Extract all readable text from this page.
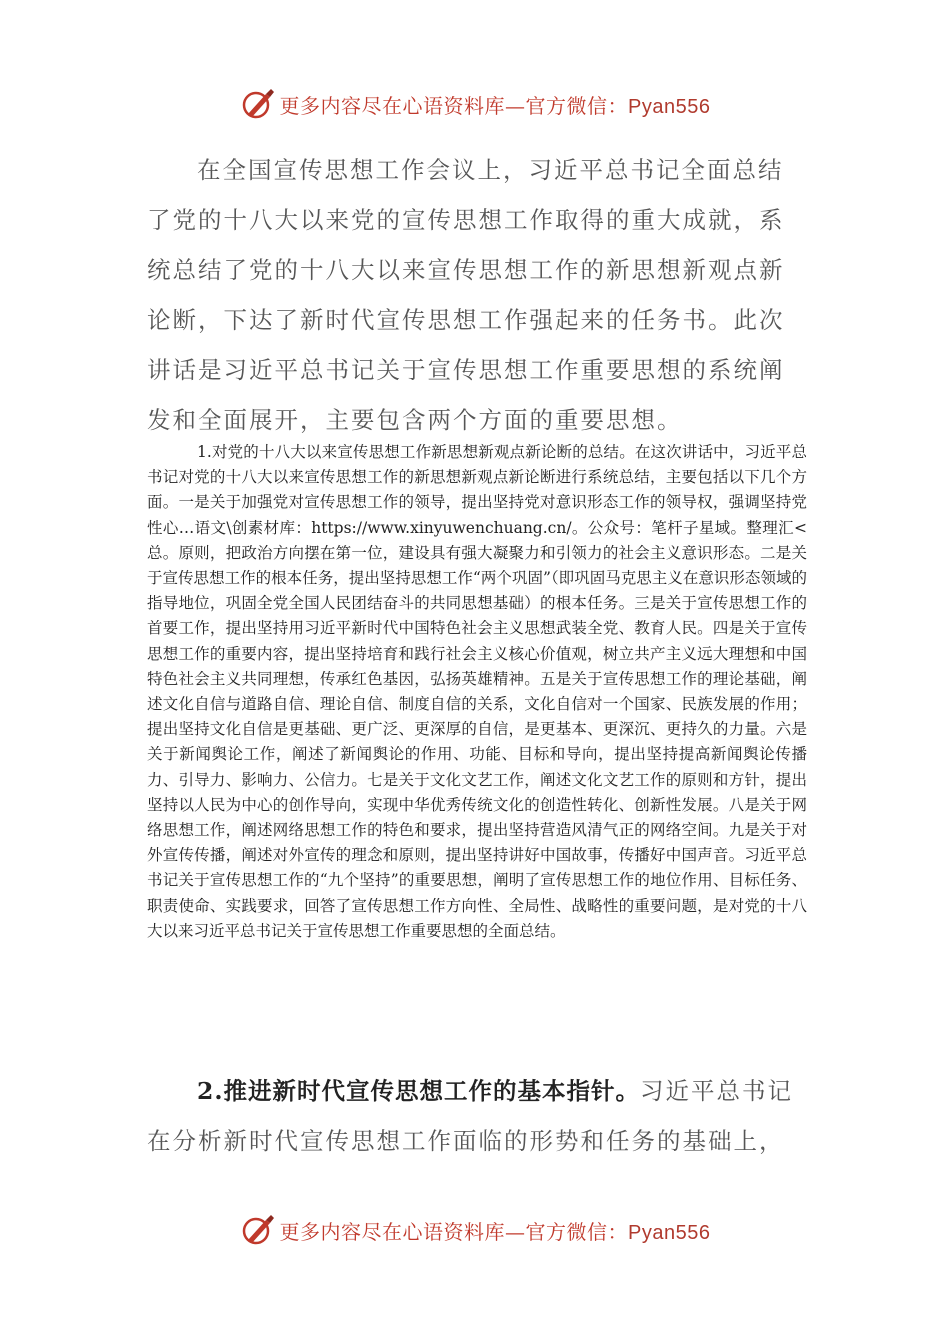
更多内容尽在心语资料库—官方微信：Pyan556

在全国宣传思想工作会议上，习近平总书记全面总结了党的十八大以来党的宣传思想工作取得的重大成就，系统总结了党的十八大以来宣传思想工作的新思想新观点新论断，下达了新时代宣传思想工作强起来的任务书。此次讲话是习近平总书记关于宣传思想工作重要思想的系统阐发和全面展开，主要包含两个方面的重要思想。

1.对党的十八大以来宣传思想工作新思想新观点新论断的总结。在这次讲话中，习近平总书记对党的十八大以来宣传思想工作的新思想新观点新论断进行系统总结，主要包括以下几个方面。一是关于加强党对宣传思想工作的领导，提出坚持党对意识形态工作的领导权，强调坚持党性心…语文\创素材库：https://www.xinyuwenchuang.cn/。公众号：笔杆子星域。整理汇<总。原则，把政治方向摆在第一位，建设具有强大凝聚力和引领力的社会主义意识形态。二是关于宣传思想工作的根本任务，提出坚持思想工作“两个巩固”（即巩固马克思主义在意识形态领域的指导地位，巩固全党全国人民团结奋斗的共同思想基础）的根本任务。三是关于宣传思想工作的首要工作，提出坚持用习近平新时代中国特色社会主义思想武装全党、教育人民。四是关于宣传思想工作的重要内容，提出坚持培育和践行社会主义核心价值观，树立共产主义远大理想和中国特色社会主义共同理想，传承红色基因，弘扬英雄精神。五是关于宣传思想工作的理论基础，阐述文化自信与道路自信、理论自信、制度自信的关系，文化自信对一个国家、民族发展的作用；提出坚持文化自信是更基础、更广泛、更深厚的自信，是更基本、更深沉、更持久的力量。六是关于新闻舆论工作，阐述了新闻舆论的作用、功能、目标和导向，提出坚持提高新闻舆论传播力、引导力、影响力、公信力。七是关于文化文艺工作，阐述文化文艺工作的原则和方针，提出坚持以人民为中心的创作导向，实现中华优秀传统文化的创造性转化、创新性发展。八是关于网络思想工作，阐述网络思想工作的特色和要求，提出坚持营造风清气正的网络空间。九是关于对外宣传传播，阐述对外宣传的理念和原则，提出坚持讲好中国故事，传播好中国声音。习近平总书记关于宣传思想工作的“九个坚持”的重要思想，阐明了宣传思想工作的地位作用、目标任务、职责使命、实践要求，回答了宣传思想工作方向性、全局性、战略性的重要问题，是对党的十八大以来习近平总书记关于宣传思想工作重要思想的全面总结。

2.推进新时代宣传思想工作的基本指针。习近平总书记在分析新时代宣传思想工作面临的形势和任务的基础上，

更多内容尽在心语资料库—官方微信：Pyan556
